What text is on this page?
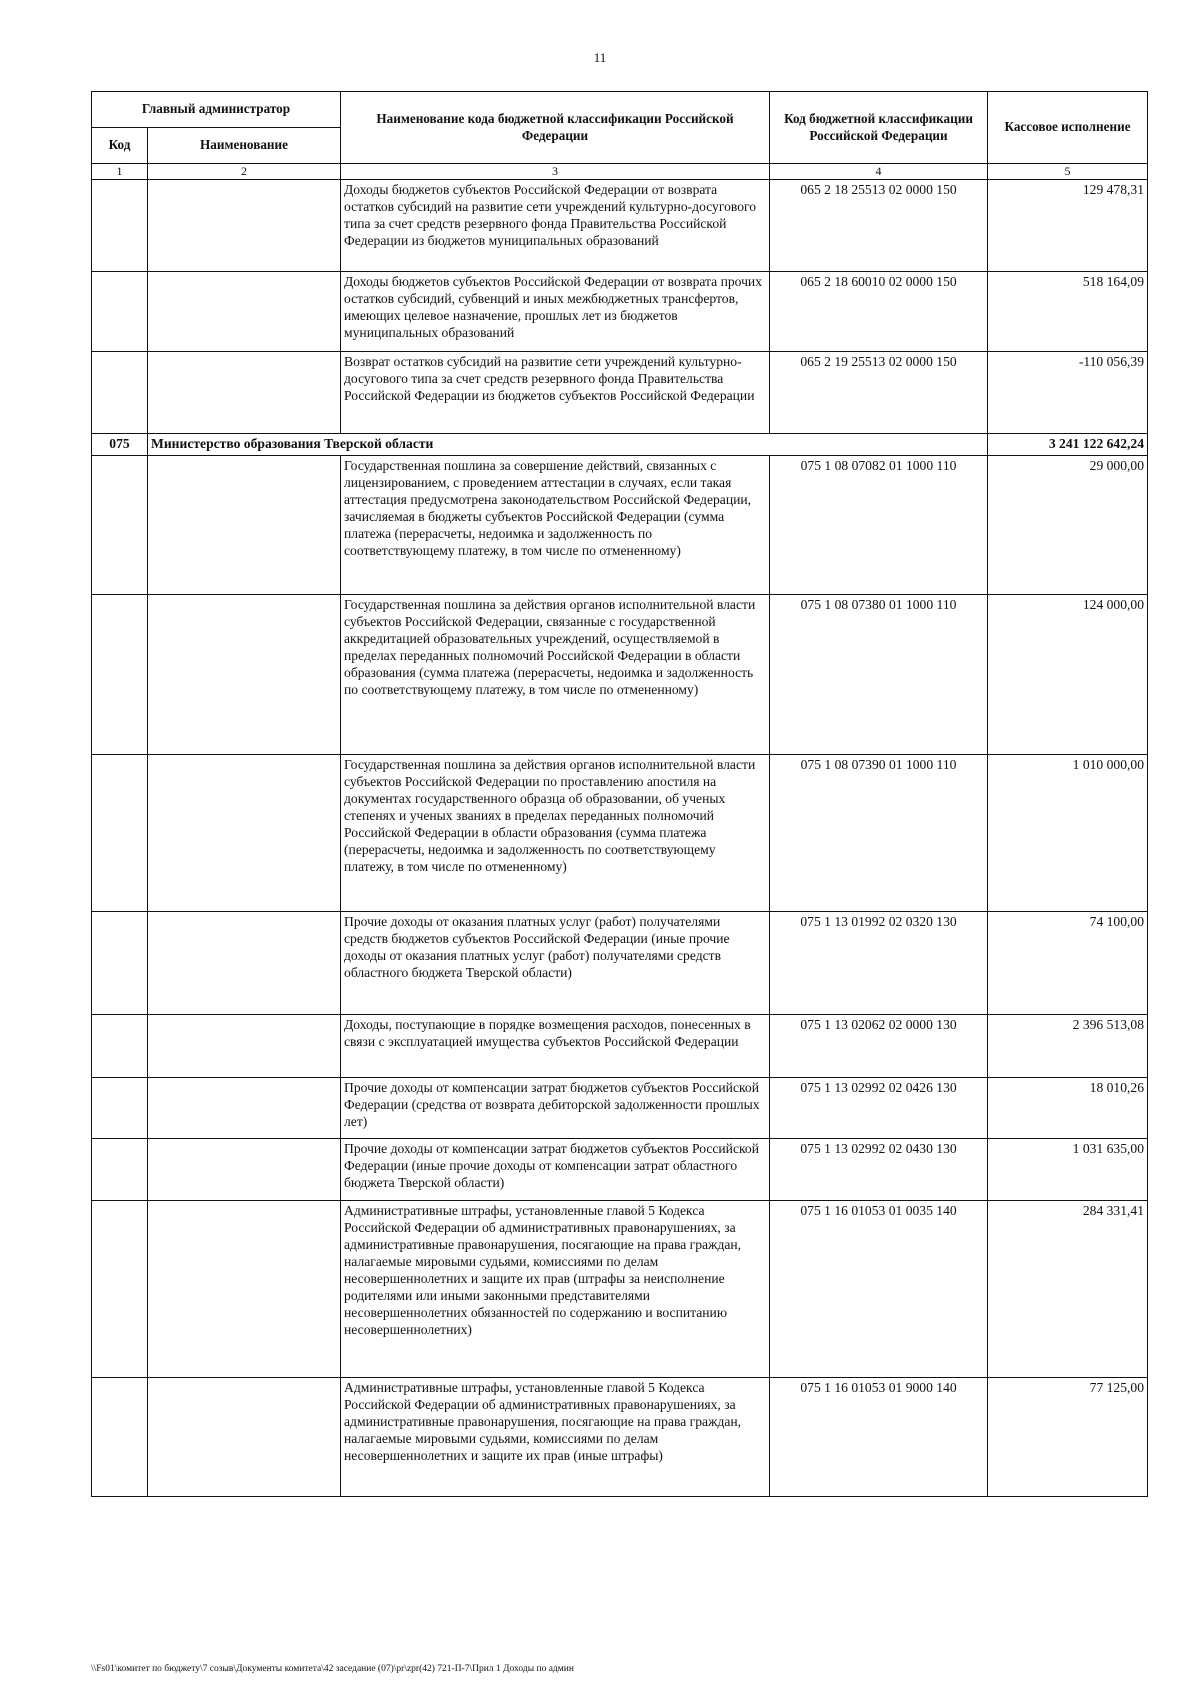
11
Главный администратор		Наименование кода бюджетной классификации Российской Федерации	Код бюджетной классификации Российской Федерации	Кассовое исполнение
Код	Наименование			
1	2	3	4	5
		Доходы бюджетов субъектов Российской Федерации от возврата остатков субсидий на развитие сети учреждений культурно-досугового типа за счет средств резервного фонда Правительства Российской Федерации из бюджетов муниципальных образований	065 2 18 25513 02 0000 150	129 478,31
		Доходы бюджетов субъектов Российской Федерации от возврата прочих остатков субсидий, субвенций и иных межбюджетных трансфертов, имеющих целевое назначение, прошлых лет из бюджетов муниципальных образований	065 2 18 60010 02 0000 150	518 164,09
		Возврат остатков субсидий на развитие сети учреждений культурно-досугового типа за счет средств резервного фонда Правительства Российской Федерации из бюджетов субъектов Российской Федерации	065 2 19 25513 02 0000 150	-110 056,39
075	Министерство образования Тверской области			3 241 122 642,24
		Государственная пошлина за совершение действий, связанных с лицензированием, с проведением аттестации в случаях, если такая аттестация предусмотрена законодательством Российской Федерации, зачисляемая в бюджеты субъектов Российской Федерации (сумма платежа (перерасчеты, недоимка и задолженность по соответствующему платежу, в том числе по отмененному)	075 1 08 07082 01 1000 110	29 000,00
		Государственная пошлина за действия органов исполнительной власти субъектов Российской Федерации, связанные с государственной аккредитацией образовательных учреждений, осуществляемой в пределах переданных полномочий Российской Федерации в области образования (сумма платежа (перерасчеты, недоимка и задолженность по соответствующему платежу, в том числе по отмененному)	075 1 08 07380 01 1000 110	124 000,00
		Государственная пошлина за действия органов исполнительной власти субъектов Российской Федерации по проставлению апостиля на документах государственного образца об образовании, об ученых степенях и ученых званиях в пределах переданных полномочий Российской Федерации в области образования (сумма платежа (перерасчеты, недоимка и задолженность по соответствующему платежу, в том числе по отмененному)	075 1 08 07390 01 1000 110	1 010 000,00
		Прочие доходы от оказания платных услуг (работ) получателями средств бюджетов субъектов Российской Федерации (иные прочие доходы от оказания платных услуг (работ) получателями средств областного бюджета Тверской области)	075 1 13 01992 02 0320 130	74 100,00
		Доходы, поступающие в порядке возмещения расходов, понесенных в связи с эксплуатацией имущества субъектов Российской Федерации	075 1 13 02062 02 0000 130	2 396 513,08
		Прочие доходы от компенсации затрат бюджетов субъектов Российской Федерации (средства от возврата дебиторской задолженности прошлых лет)	075 1 13 02992 02 0426 130	18 010,26
		Прочие доходы от компенсации затрат бюджетов субъектов Российской Федерации (иные прочие доходы от компенсации затрат областного бюджета Тверской области)	075 1 13 02992 02 0430 130	1 031 635,00
		Административные штрафы, установленные главой 5 Кодекса Российской Федерации об административных правонарушениях, за административные правонарушения, посягающие на права граждан, налагаемые мировыми судьями, комиссиями по делам несовершеннолетних и защите их прав (штрафы за неисполнение родителями или иными законными представителями несовершеннолетних обязанностей по содержанию и воспитанию несовершеннолетних)	075 1 16 01053 01 0035 140	284 331,41
		Административные штрафы, установленные главой 5 Кодекса Российской Федерации об административных правонарушениях, за административные правонарушения, посягающие на права граждан, налагаемые мировыми судьями, комиссиями по делам несовершеннолетних и защите их прав (иные штрафы)	075 1 16 01053 01 9000 140	77 125,00
\\Fs01\комитет по бюджету\7 созыв\Документы комитета\42 заседание (07)\pr\zpr(42) 721-П-7\Прил 1 Доходы по админ
